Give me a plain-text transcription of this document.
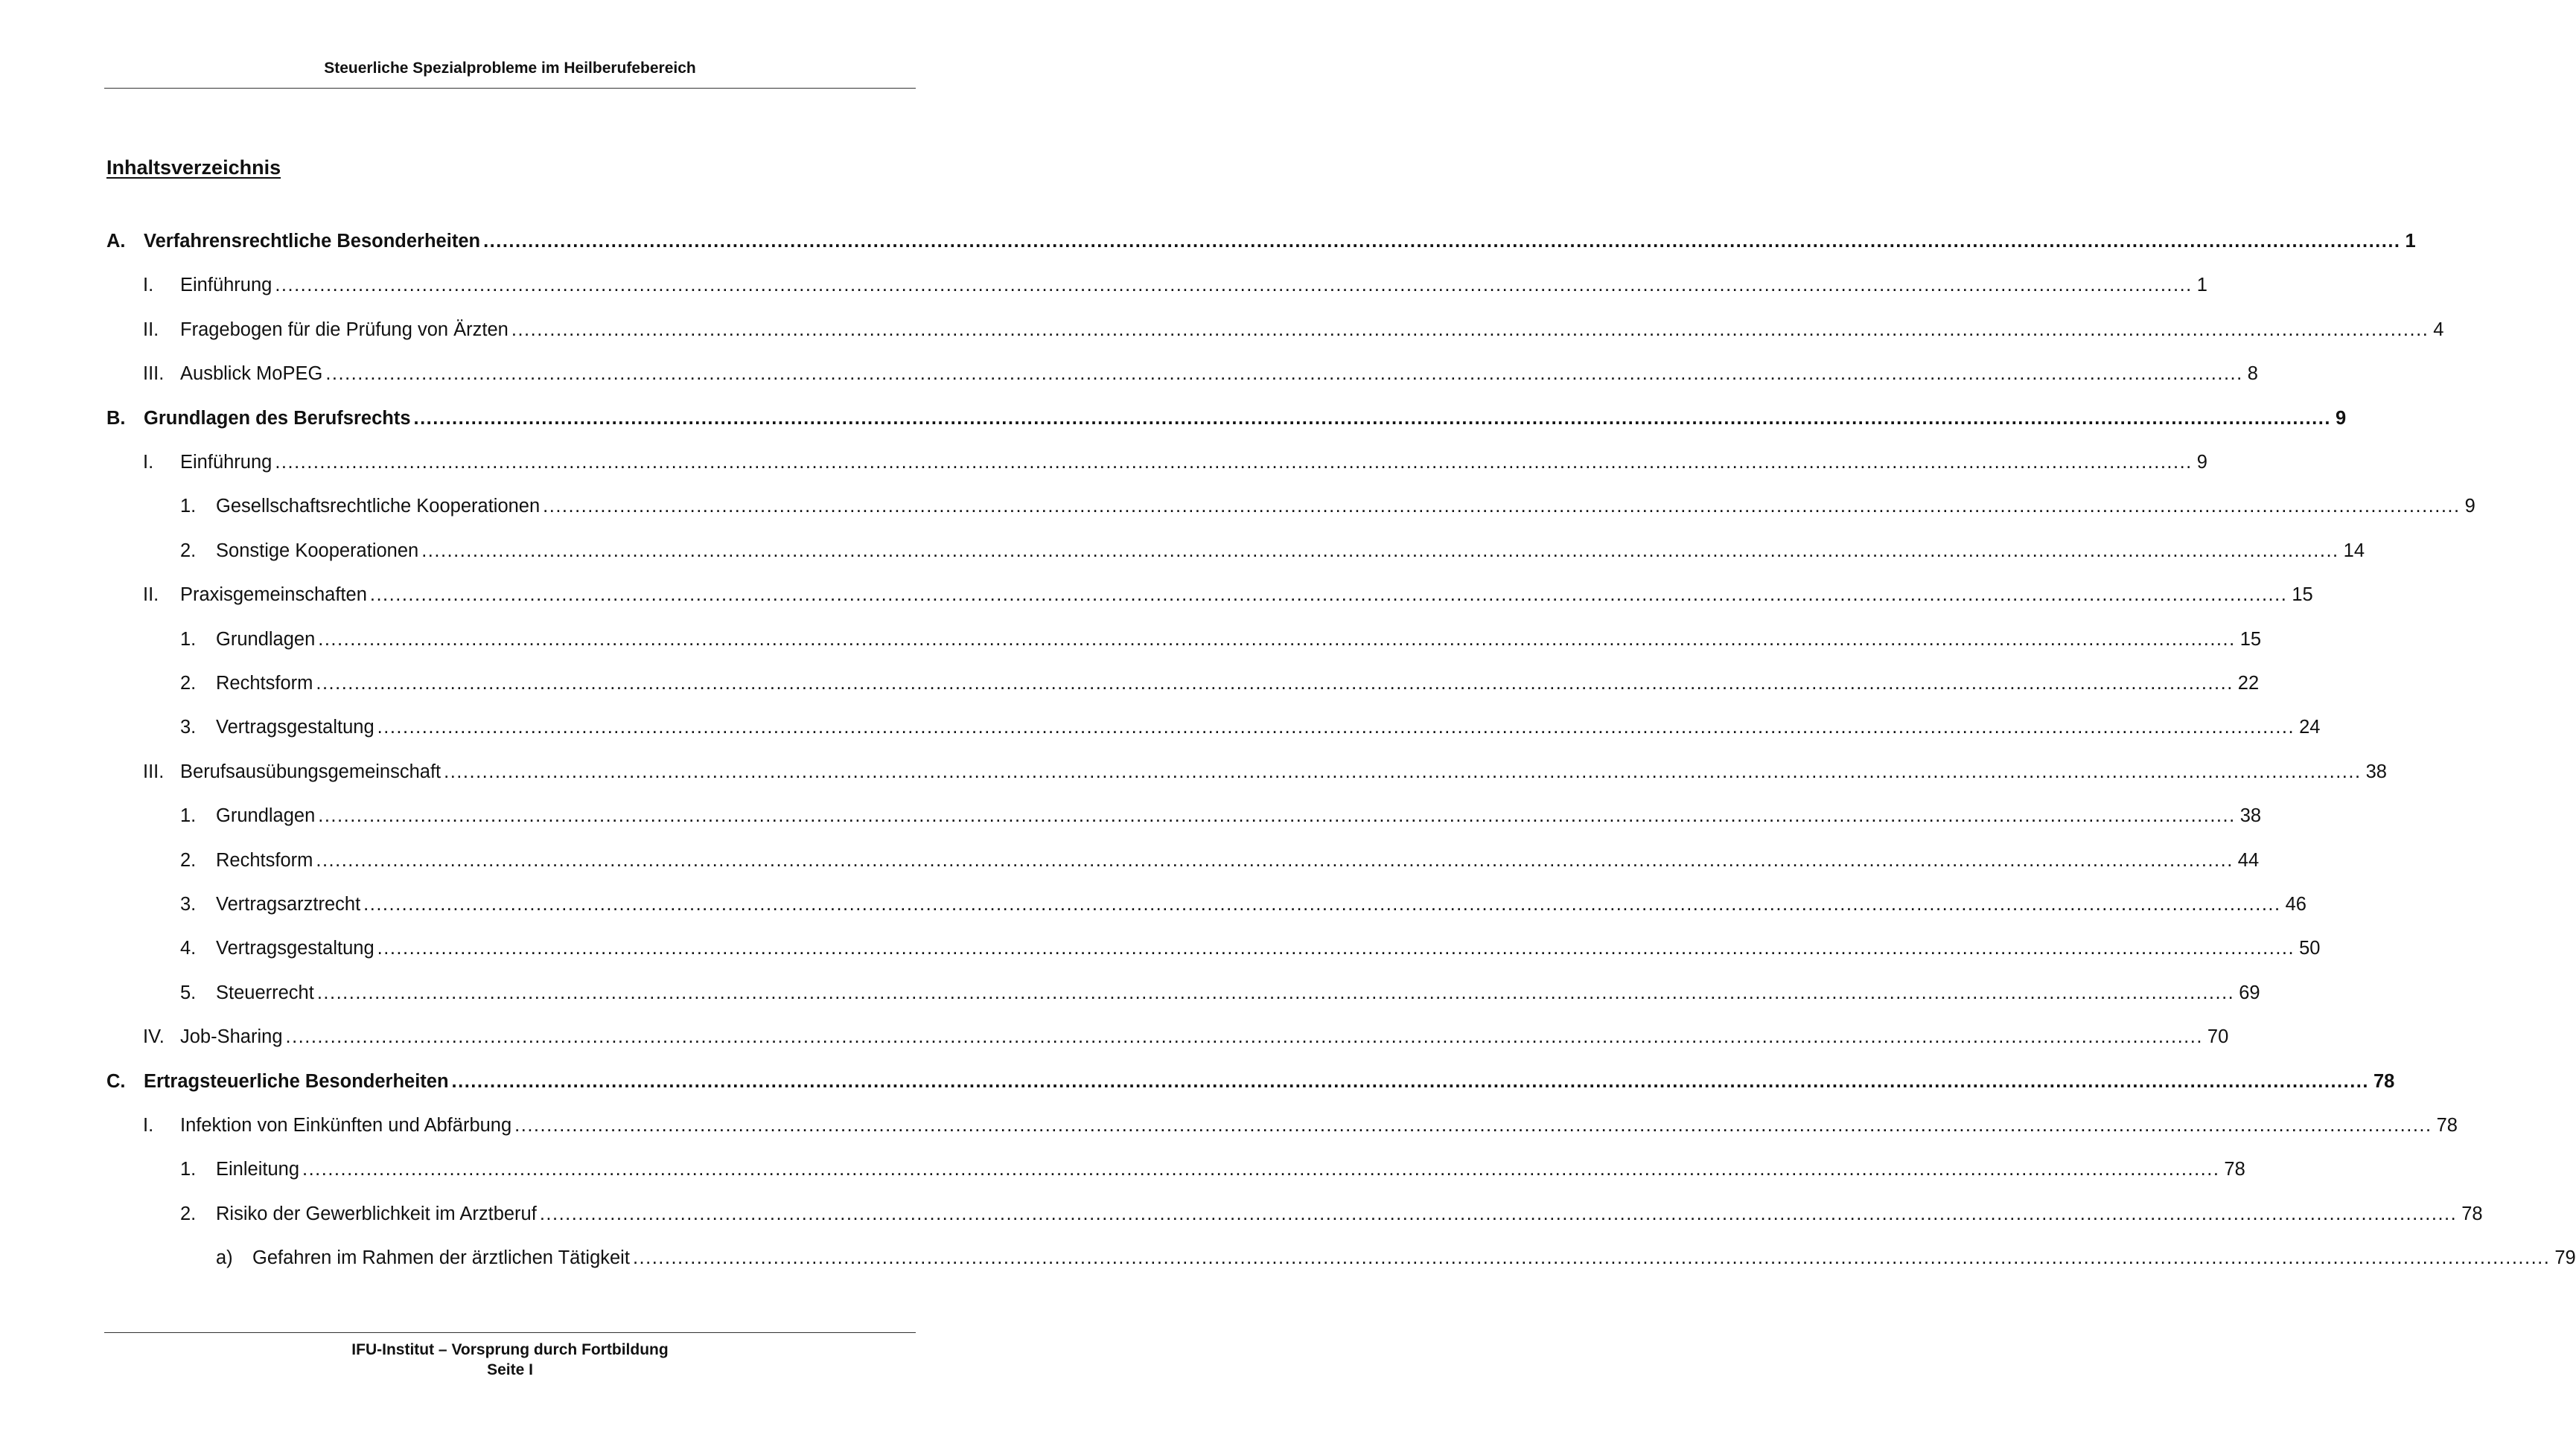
Steuerliche Spezialprobleme im Heilberufebereich
Inhaltsverzeichnis
A. Verfahrensrechtliche Besonderheiten ............................................................................................................................................................................................................................................................................................................ 1
I. Einführung ............................................................................................................................................................................................................................................................................................................ 1
II. Fragebogen für die Prüfung von Ärzten ............................................................................................................................................................................................................................................................................................................ 4
III. Ausblick MoPEG ............................................................................................................................................................................................................................................................................................................ 8
B. Grundlagen des Berufsrechts ............................................................................................................................................................................................................................................................................................................ 9
I. Einführung ............................................................................................................................................................................................................................................................................................................ 9
1. Gesellschaftsrechtliche Kooperationen ............................................................................................................................................................................................................................................................................................................ 9
2. Sonstige Kooperationen ............................................................................................................................................................................................................................................................................................................ 14
II. Praxisgemeinschaften ............................................................................................................................................................................................................................................................................................................ 15
1. Grundlagen ............................................................................................................................................................................................................................................................................................................ 15
2. Rechtsform ............................................................................................................................................................................................................................................................................................................ 22
3. Vertragsgestaltung ............................................................................................................................................................................................................................................................................................................ 24
III. Berufsausübungsgemeinschaft ............................................................................................................................................................................................................................................................................................................ 38
1. Grundlagen ............................................................................................................................................................................................................................................................................................................ 38
2. Rechtsform ............................................................................................................................................................................................................................................................................................................ 44
3. Vertragsarztrecht ............................................................................................................................................................................................................................................................................................................ 46
4. Vertragsgestaltung ............................................................................................................................................................................................................................................................................................................ 50
5. Steuerrecht ............................................................................................................................................................................................................................................................................................................ 69
IV. Job-Sharing ............................................................................................................................................................................................................................................................................................................ 70
C. Ertragsteuerliche Besonderheiten ............................................................................................................................................................................................................................................................................................................ 78
I. Infektion von Einkünften und Abfärbung ............................................................................................................................................................................................................................................................................................................ 78
1. Einleitung ............................................................................................................................................................................................................................................................................................................ 78
2. Risiko der Gewerblichkeit im Arztberuf ............................................................................................................................................................................................................................................................................................................ 78
a) Gefahren im Rahmen der ärztlichen Tätigkeit ............................................................................................................................................................................................................................................................................................................ 79
IFU-Institut – Vorsprung durch Fortbildung
Seite I
